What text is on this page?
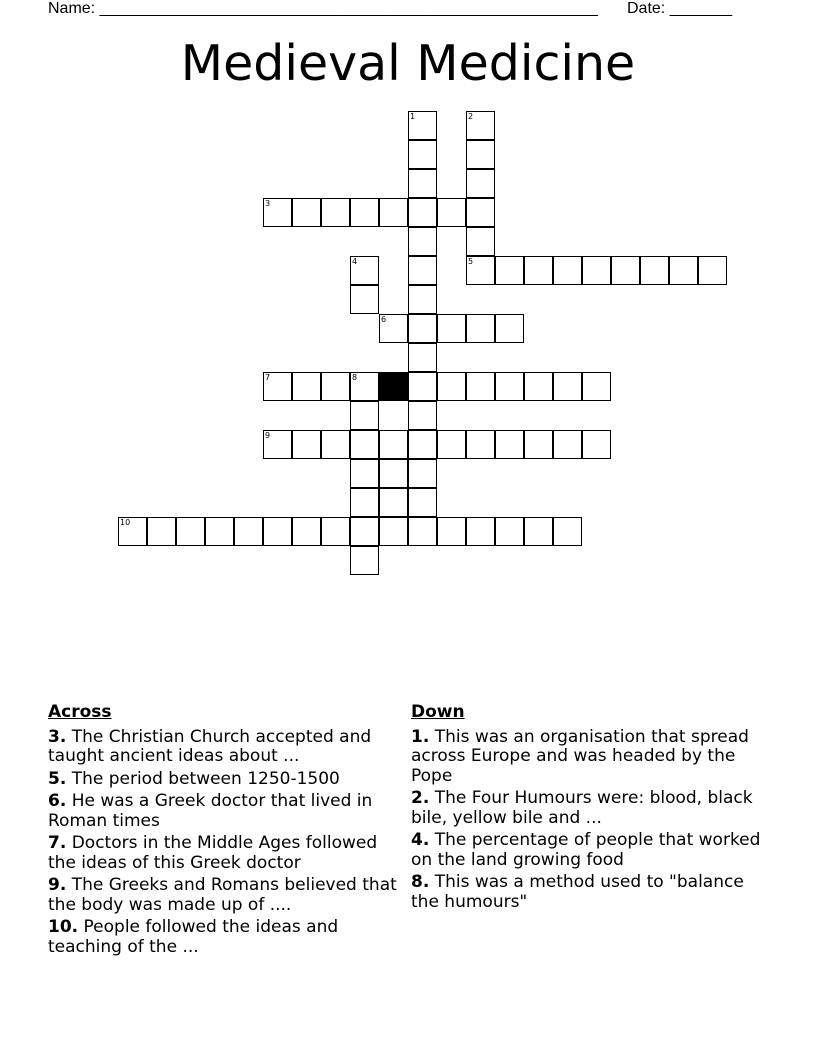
Name: ________________________________________________________ Date: _______
Medieval Medicine
1	2
3
4	5
6
7	8
9
10
Across
3. The Christian Church accepted and taught ancient ideas about ...
5. The period between 1250-1500
6. He was a Greek doctor that lived in Roman times
7. Doctors in the Middle Ages followed the ideas of this Greek doctor
9. The Greeks and Romans believed that the body was made up of ....
10. People followed the ideas and teaching of the ...
Down
1. This was an organisation that spread across Europe and was headed by the Pope
2. The Four Humours were: blood, black bile, yellow bile and ...
4. The percentage of people that worked on the land growing food
8. This was a method used to "balance the humours"
